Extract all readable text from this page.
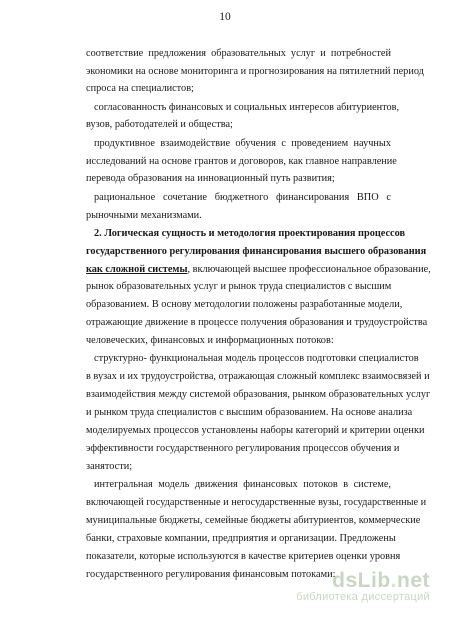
10
соответствие предложения образовательных услуг и потребностей
экономики на основе мониторинга и прогнозирования на пятилетний период
спроса на специалистов;
согласованность финансовых и социальных интересов абитуриентов,
вузов, работодателей и общества;
продуктивное взаимодействие обучения с проведением научных
исследований на основе грантов и договоров, как главное направление
перевода образования на инновационный путь развития;
рациональное сочетание бюджетного финансирования ВПО с
рыночными механизмами.
2. Логическая сущность и методология проектирования процессов
государственного регулирования финансирования высшего образования
как сложной системы, включающей высшее профессиональное образование,
рынок образовательных услуг и рынок труда специалистов с высшим
образованием. В основу методологии положены разработанные модели,
отражающие движение в процессе получения образования и трудоустройства
человеческих, финансовых и информационных потоков:
структурно- функциональная модель процессов подготовки специалистов
в вузах и их трудоустройства, отражающая сложный комплекс взаимосвязей и
взаимодействия между системой образования, рынком образовательных услуг
и рынком труда специалистов с высшим образованием. На основе анализа
моделируемых процессов установлены наборы категорий и критерии оценки
эффективности государственного регулирования процессов обучения и
занятости;
интегральная модель движения финансовых потоков в системе,
включающей государственные и негосударственные вузы, государственные и
муниципальные бюджеты, семейные бюджеты абитуриентов, коммерческие
банки, страховые компании, предприятия и организации. Предложены
показатели, которые используются в качестве критериев оценки уровня
государственного регулирования финансовым потоками:
dsLib.net
библиотека диссертаций
